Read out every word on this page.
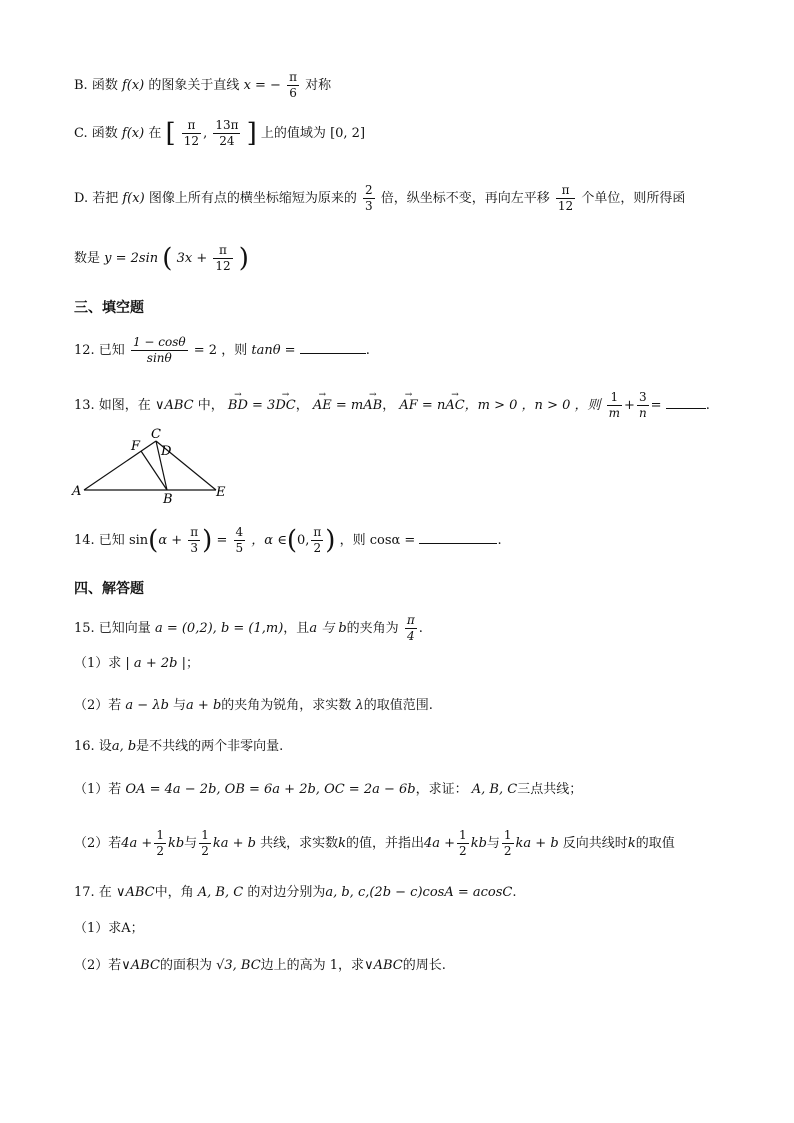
B. 函数 f(x) 的图象关于直线 x = − $\frac{\pi}{6}$ 对称
C. 函数 f(x) 在 [ $\frac{\pi}{12}$ , $\frac{13\pi}{24}$ ] 上的值域为 [0, 2]
D. 若把 f(x) 图像上所有点的横坐标缩短为原来的 $\frac{2}{3}$ 倍，纵坐标不变，再向左平移 $\frac{\pi}{12}$ 个单位，则所得函
数是 y = 2sin ( $3x + \frac{\pi}{12}$ )
三、填空题
12. 已知 $\frac{1 - \cos\theta}{\sin\theta} = 2$ ，则 tanθ =	.
13. 如图，在 ∨ABC 中， → BD = 3→ DC， → AE = m→ AB， → AF = n→ AC，m > 0 ，n > 0 ，则 $\frac{1}{m} + \frac{3}{n}$ =	.
A
B
C
D
E
F
14. 已知 $\sin(\alpha + \frac{\pi}{3}$ ) = $\frac{4}{5}$ ，α ∈(0, $\frac{\pi}{2}$ ) ，则 cosα =	.
四、解答题
15. 已知向量 a = (0,2), b = (1,m)，且a 与 b的夹角为 $\frac{\pi}{4}$ .
（1）求 | a + 2b |；
（2）若 a − λb 与a + b的夹角为锐角，求实数 λ的取值范围.
16. 设a, b是不共线的两个非零向量.
（1）若 OA = 4a − 2b, OB = 6a + 2b, OC = 2a − 6b，求证： A, B, C三点共线；
（2）若$4a + \frac{1}{2}$ kb与 $\frac{1}{2}$ ka + b 共线，求实数k的值，并指出$4a + \frac{1}{2}$ kb与 $\frac{1}{2}$ ka + b 反向共线时k的取值
17. 在 ∨ABC中，角 A, B, C 的对边分别为a, b, c,(2b − c)cosA = acosC.
（1）求A；
（2）若∨ABC的面积为 √3, BC边上的高为 1，求∨ABC的周长.
